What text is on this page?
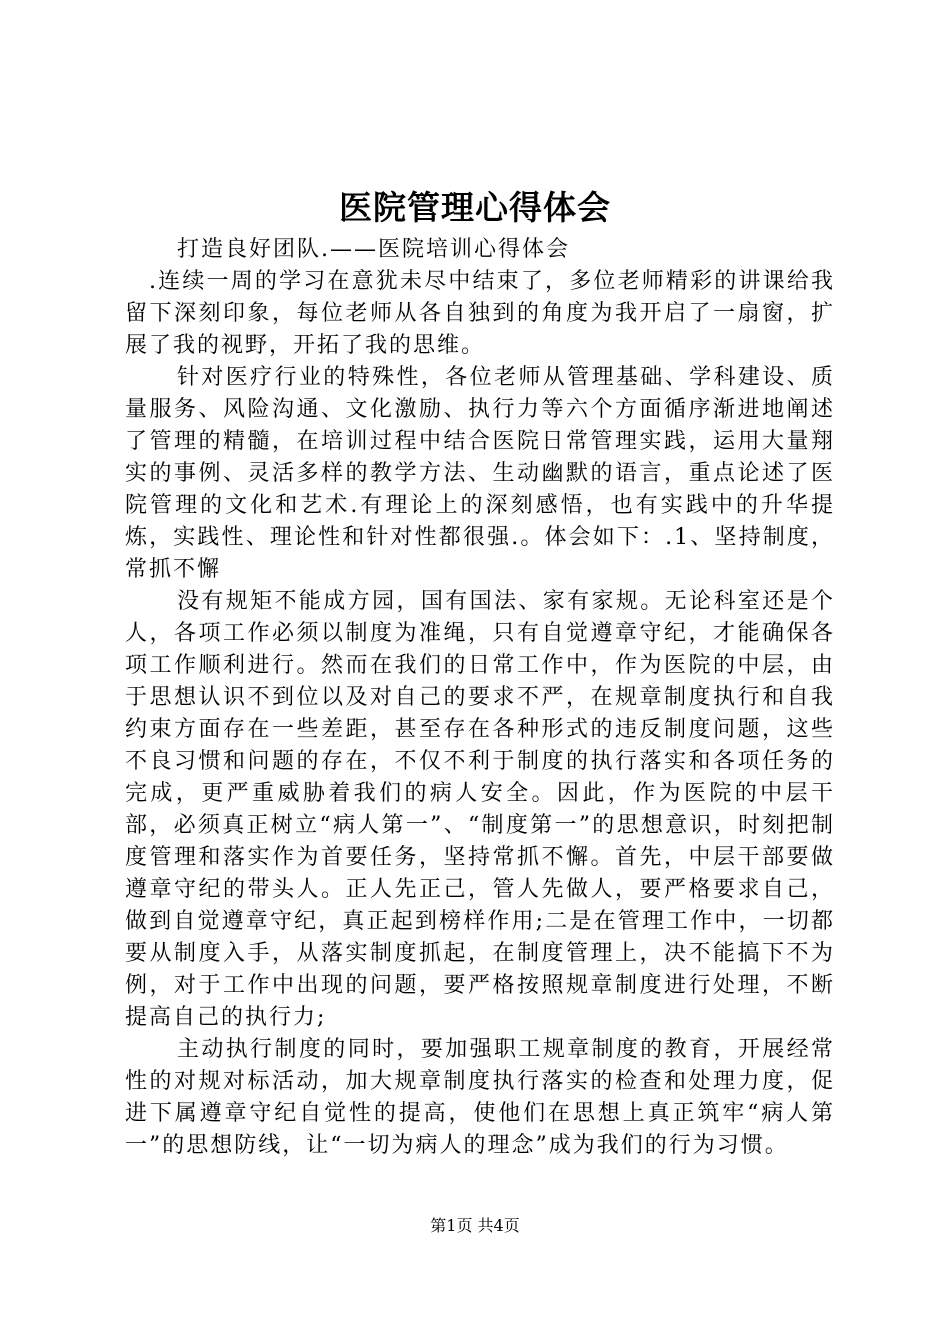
医院管理心得体会

打造良好团队.——医院培训心得体会

.连续一周的学习在意犹未尽中结束了，多位老师精彩的讲课给我留下深刻印象，每位老师从各自独到的角度为我开启了一扇窗，扩展了我的视野，开拓了我的思维。

针对医疗行业的特殊性，各位老师从管理基础、学科建设、质量服务、风险沟通、文化激励、执行力等六个方面循序渐进地阐述了管理的精髓，在培训过程中结合医院日常管理实践，运用大量翔实的事例、灵活多样的教学方法、生动幽默的语言，重点论述了医院管理的文化和艺术.有理论上的深刻感悟，也有实践中的升华提炼，实践性、理论性和针对性都很强.。体会如下：.1、坚持制度，常抓不懈

没有规矩不能成方园，国有国法、家有家规。无论科室还是个人，各项工作必须以制度为准绳，只有自觉遵章守纪，才能确保各项工作顺利进行。然而在我们的日常工作中，作为医院的中层，由于思想认识不到位以及对自己的要求不严，在规章制度执行和自我约束方面存在一些差距，甚至存在各种形式的违反制度问题，这些不良习惯和问题的存在，不仅不利于制度的执行落实和各项任务的完成，更严重威胁着我们的病人安全。因此，作为医院的中层干部，必须真正树立“病人第一”、“制度第一”的思想意识，时刻把制度管理和落实作为首要任务，坚持常抓不懈。首先，中层干部要做遵章守纪的带头人。正人先正己，管人先做人，要严格要求自己，做到自觉遵章守纪，真正起到榜样作用;二是在管理工作中，一切都要从制度入手，从落实制度抓起，在制度管理上，决不能搞下不为例，对于工作中出现的问题，要严格按照规章制度进行处理，不断提高自己的执行力;

主动执行制度的同时，要加强职工规章制度的教育，开展经常性的对规对标活动，加大规章制度执行落实的检查和处理力度，促进下属遵章守纪自觉性的提高，使他们在思想上真正筑牢“病人第一”的思想防线，让“一切为病人的理念”成为我们的行为习惯。

第1页 共4页
